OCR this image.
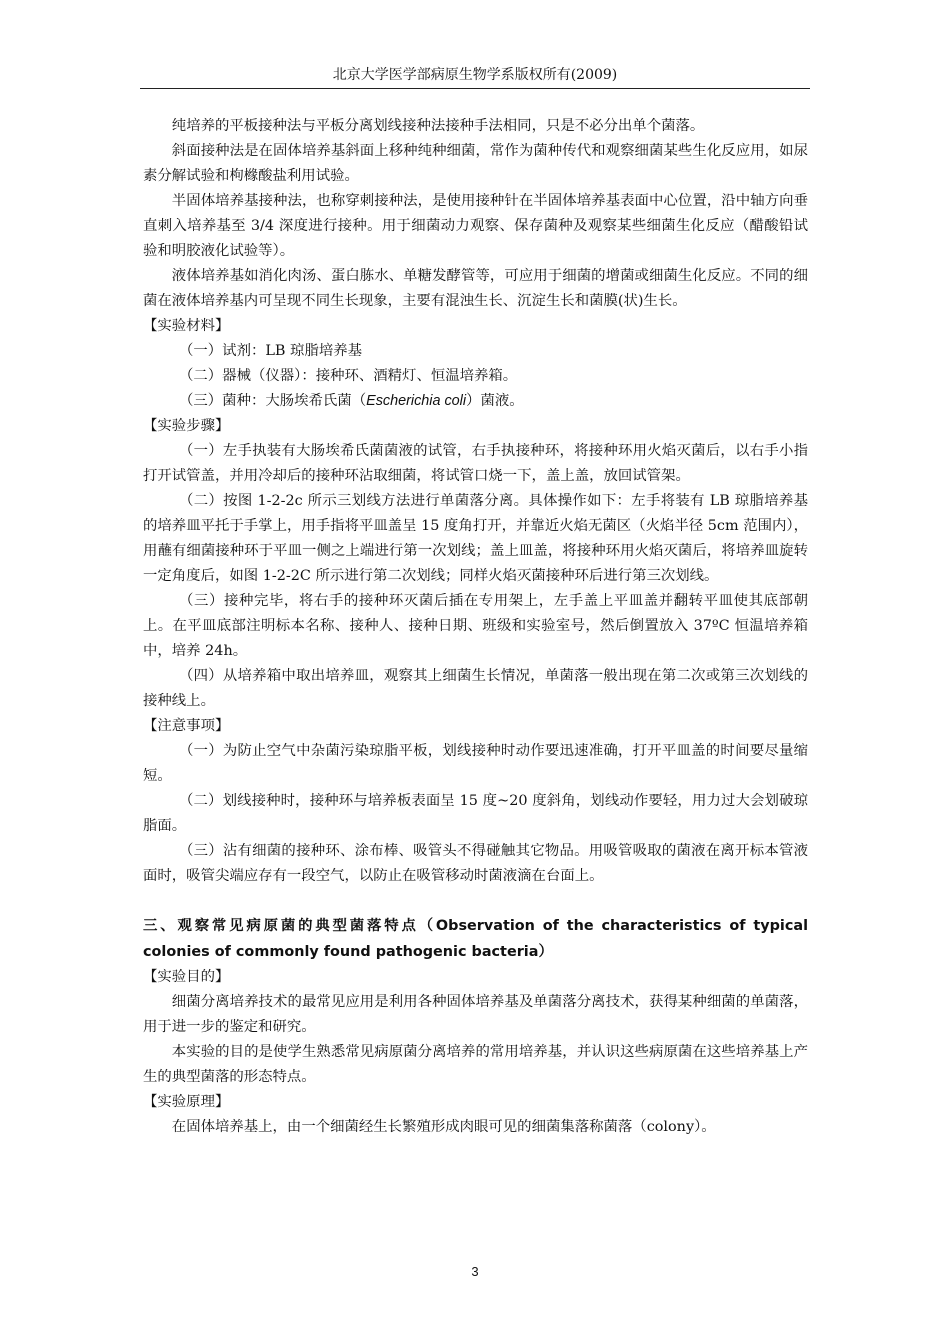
北京大学医学部病原生物学系版权所有(2009)

纯培养的平板接种法与平板分离划线接种法接种手法相同，只是不必分出单个菌落。

斜面接种法是在固体培养基斜面上移种纯种细菌，常作为菌种传代和观察细菌某些生化反应用，如尿素分解试验和枸橼酸盐利用试验。

半固体培养基接种法，也称穿刺接种法，是使用接种针在半固体培养基表面中心位置，沿中轴方向垂直刺入培养基至 3/4 深度进行接种。用于细菌动力观察、保存菌种及观察某些细菌生化反应（醋酸铅试验和明胶液化试验等）。

液体培养基如消化肉汤、蛋白胨水、单糖发酵管等，可应用于细菌的增菌或细菌生化反应。不同的细菌在液体培养基内可呈现不同生长现象，主要有混浊生长、沉淀生长和菌膜(状)生长。

【实验材料】

（一）试剂：LB 琼脂培养基

（二）器械（仪器）：接种环、酒精灯、恒温培养箱。

（三）菌种：大肠埃希氏菌（Escherichia coli）菌液。

【实验步骤】

（一）左手执装有大肠埃希氏菌菌液的试管，右手执接种环，将接种环用火焰灭菌后，以右手小指打开试管盖，并用冷却后的接种环沾取细菌，将试管口烧一下，盖上盖，放回试管架。

（二）按图 1-2-2c 所示三划线方法进行单菌落分离。具体操作如下：左手将装有 LB 琼脂培养基的培养皿平托于手掌上，用手指将平皿盖呈 15 度角打开，并靠近火焰无菌区（火焰半径 5cm 范围内），用蘸有细菌接种环于平皿一侧之上端进行第一次划线；盖上皿盖，将接种环用火焰灭菌后，将培养皿旋转一定角度后，如图 1-2-2C 所示进行第二次划线；同样火焰灭菌接种环后进行第三次划线。

（三）接种完毕，将右手的接种环灭菌后插在专用架上，左手盖上平皿盖并翻转平皿使其底部朝上。在平皿底部注明标本名称、接种人、接种日期、班级和实验室号，然后倒置放入 37ºC 恒温培养箱中，培养 24h。

（四）从培养箱中取出培养皿，观察其上细菌生长情况，单菌落一般出现在第二次或第三次划线的接种线上。

【注意事项】

（一）为防止空气中杂菌污染琼脂平板，划线接种时动作要迅速准确，打开平皿盖的时间要尽量缩短。

（二）划线接种时，接种环与培养板表面呈 15 度~20 度斜角，划线动作要轻，用力过大会划破琼脂面。

（三）沾有细菌的接种环、涂布棒、吸管头不得碰触其它物品。用吸管吸取的菌液在离开标本管液面时，吸管尖端应存有一段空气，以防止在吸管移动时菌液滴在台面上。

三、观察常见病原菌的典型菌落特点（Observation of the characteristics of typical colonies of commonly found pathogenic bacteria）

【实验目的】

细菌分离培养技术的最常见应用是利用各种固体培养基及单菌落分离技术，获得某种细菌的单菌落，用于进一步的鉴定和研究。

本实验的目的是使学生熟悉常见病原菌分离培养的常用培养基，并认识这些病原菌在这些培养基上产生的典型菌落的形态特点。

【实验原理】

在固体培养基上，由一个细菌经生长繁殖形成肉眼可见的细菌集落称菌落（colony）。

3
